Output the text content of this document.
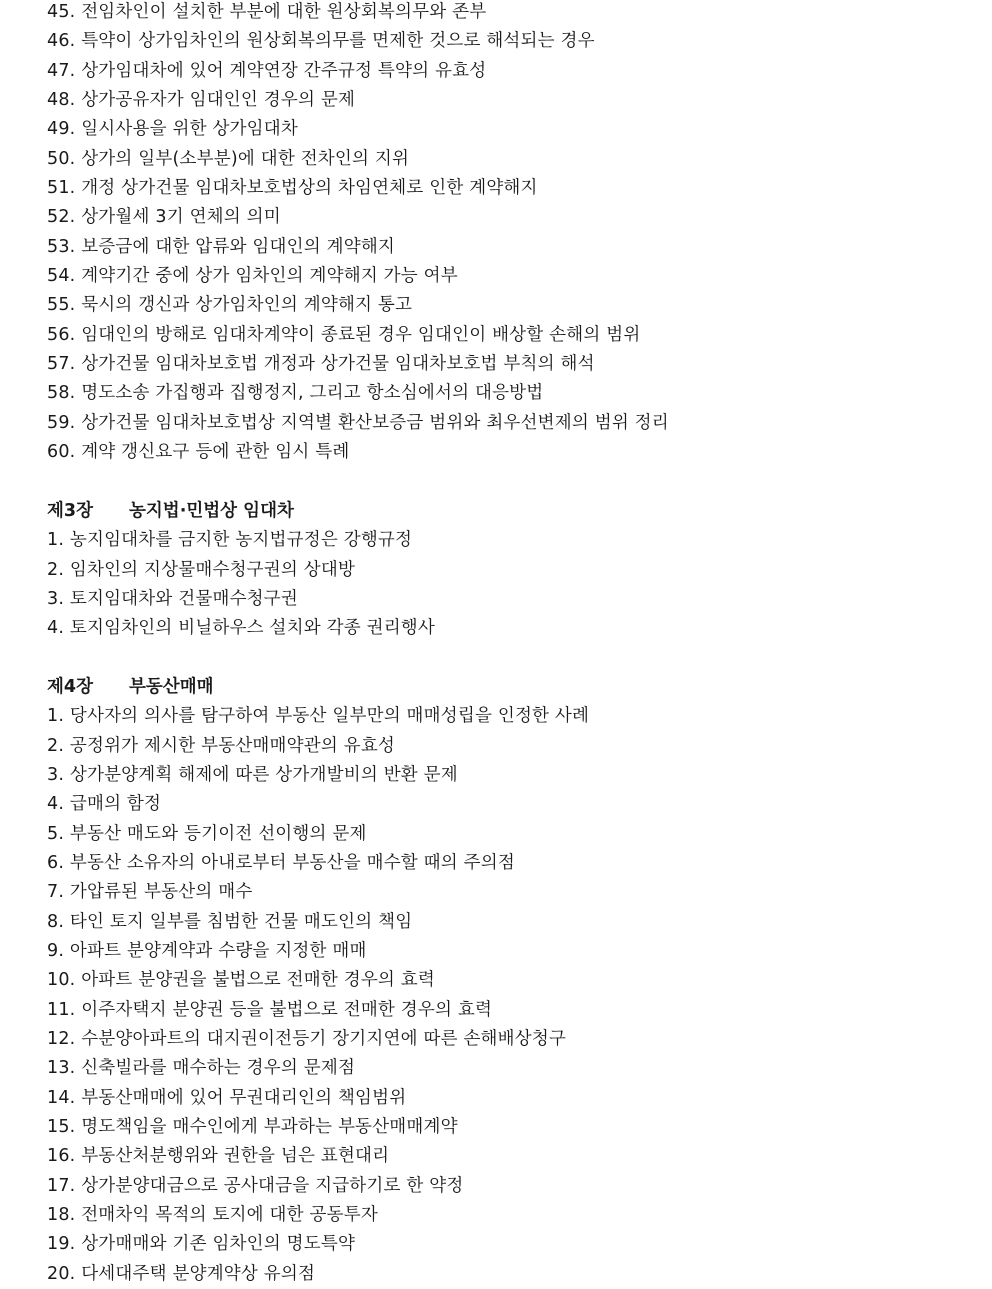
45. 전임차인이 설치한 부분에 대한 원상회복의무와 존부
46. 특약이 상가임차인의 원상회복의무를 면제한 것으로 해석되는 경우
47. 상가임대차에 있어 계약연장 간주규정 특약의 유효성
48. 상가공유자가 임대인인 경우의 문제
49. 일시사용을 위한 상가임대차
50. 상가의 일부(소부분)에 대한 전차인의 지위
51. 개정 상가건물 임대차보호법상의 차임연체로 인한 계약해지
52. 상가월세 3기 연체의 의미
53. 보증금에 대한 압류와 임대인의 계약해지
54. 계약기간 중에 상가 임차인의 계약해지 가능 여부
55. 묵시의 갱신과 상가임차인의 계약해지 통고
56. 임대인의 방해로 임대차계약이 종료된 경우 임대인이 배상할 손해의 범위
57. 상가건물 임대차보호법 개정과 상가건물 임대차보호법 부칙의 해석
58. 명도소송 가집행과 집행정지, 그리고 항소심에서의 대응방법
59. 상가건물 임대차보호법상 지역별 환산보증금 범위와 최우선변제의 범위 정리
60. 계약 갱신요구 등에 관한 임시 특례
제3장	농지법·민법상 임대차
1. 농지임대차를 금지한 농지법규정은 강행규정
2. 임차인의 지상물매수청구권의 상대방
3. 토지임대차와 건물매수청구권
4. 토지임차인의 비닐하우스 설치와 각종 권리행사
제4장	부동산매매
1. 당사자의 의사를 탐구하여 부동산 일부만의 매매성립을 인정한 사례
2. 공정위가 제시한 부동산매매약관의 유효성
3. 상가분양계획 해제에 따른 상가개발비의 반환 문제
4. 급매의 함정
5. 부동산 매도와 등기이전 선이행의 문제
6. 부동산 소유자의 아내로부터 부동산을 매수할 때의 주의점
7. 가압류된 부동산의 매수
8. 타인 토지 일부를 침범한 건물 매도인의 책임
9. 아파트 분양계약과 수량을 지정한 매매
10. 아파트 분양권을 불법으로 전매한 경우의 효력
11. 이주자택지 분양권 등을 불법으로 전매한 경우의 효력
12. 수분양아파트의 대지권이전등기 장기지연에 따른 손해배상청구
13. 신축빌라를 매수하는 경우의 문제점
14. 부동산매매에 있어 무권대리인의 책임범위
15. 명도책임을 매수인에게 부과하는 부동산매매계약
16. 부동산처분행위와 권한을 넘은 표현대리
17. 상가분양대금으로 공사대금을 지급하기로 한 약정
18. 전매차익 목적의 토지에 대한 공동투자
19. 상가매매와 기존 임차인의 명도특약
20. 다세대주택 분양계약상 유의점
